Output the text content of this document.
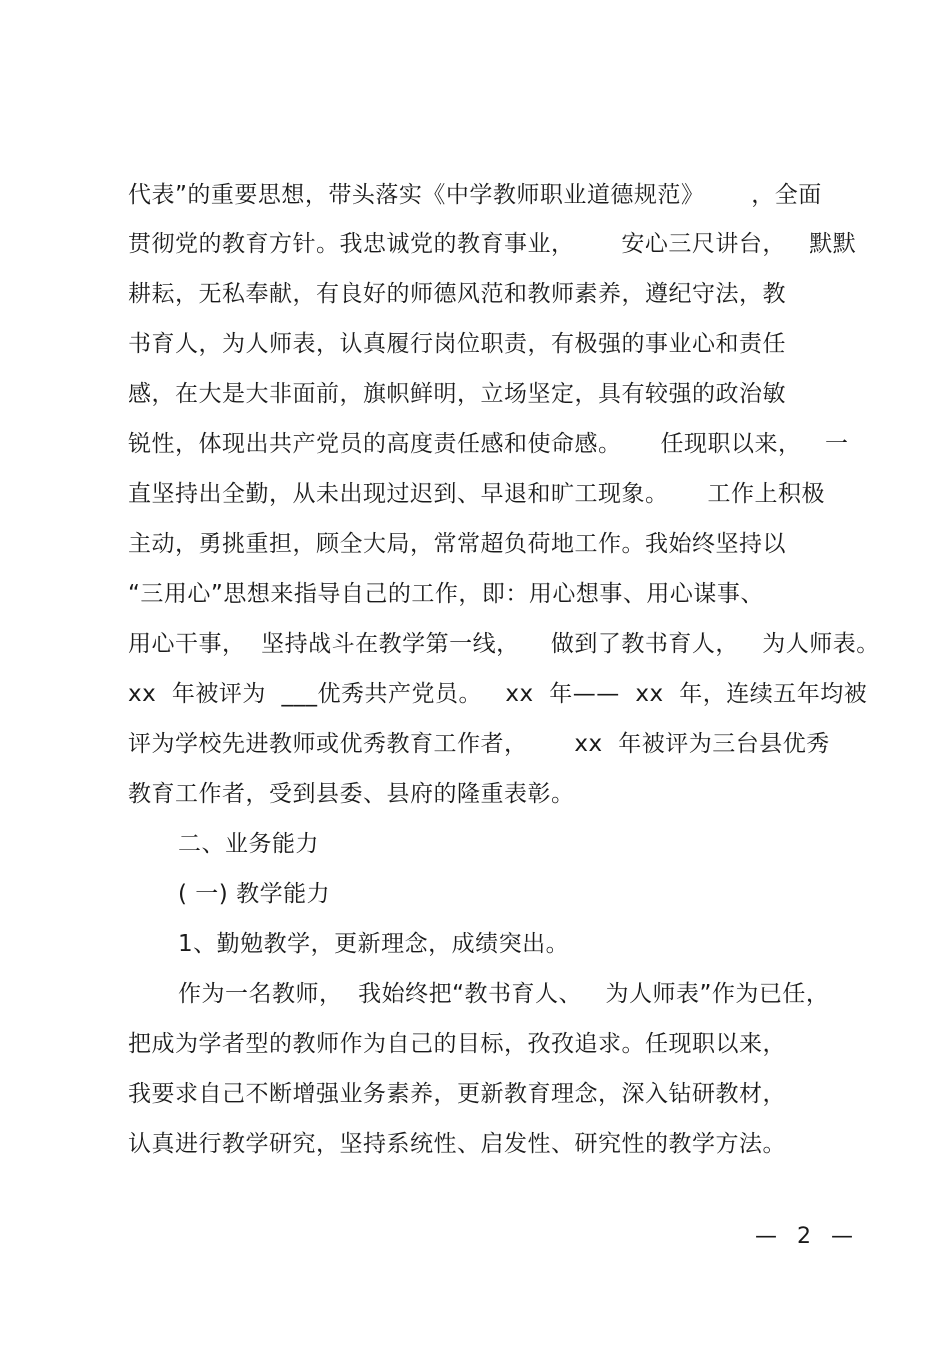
代表”的重要思想，带头落实《中学教师职业道德规范》      ，全面
贯彻党的教育方针。我忠诚党的教育事业，      安心三尺讲台，   默默
耕耘，无私奉献，有良好的师德风范和教师素养，遵纪守法，教
书育人，为人师表，认真履行岗位职责，有极强的事业心和责任
感，在大是大非面前，旗帜鲜明，立场坚定，具有较强的政治敏
锐性，体现出共产党员的高度责任感和使命感。     任现职以来，   一
直坚持出全勤，从未出现过迟到、早退和旷工现象。     工作上积极
主动，勇挑重担，顾全大局，常常超负荷地工作。我始终坚持以
“三用心”思想来指导自己的工作，即：用心想事、用心谋事、
用心干事，  坚持战斗在教学第一线，    做到了教书育人，   为人师表。
xx  年被评为  ___优秀共产党员。   xx  年——  xx  年，连续五年均被
评为学校先进教师或优秀教育工作者，      xx  年被评为三台县优秀
教育工作者，受到县委、县府的隆重表彰。
二、业务能力
( 一) 教学能力
1、勤勉教学，更新理念，成绩突出。
作为一名教师，  我始终把“教书育人、   为人师表”作为已任，
把成为学者型的教师作为自己的目标，孜孜追求。任现职以来，
我要求自己不断增强业务素养，更新教育理念，深入钻研教材，
认真进行教学研究，坚持系统性、启发性、研究性的教学方法。
—  2  —
